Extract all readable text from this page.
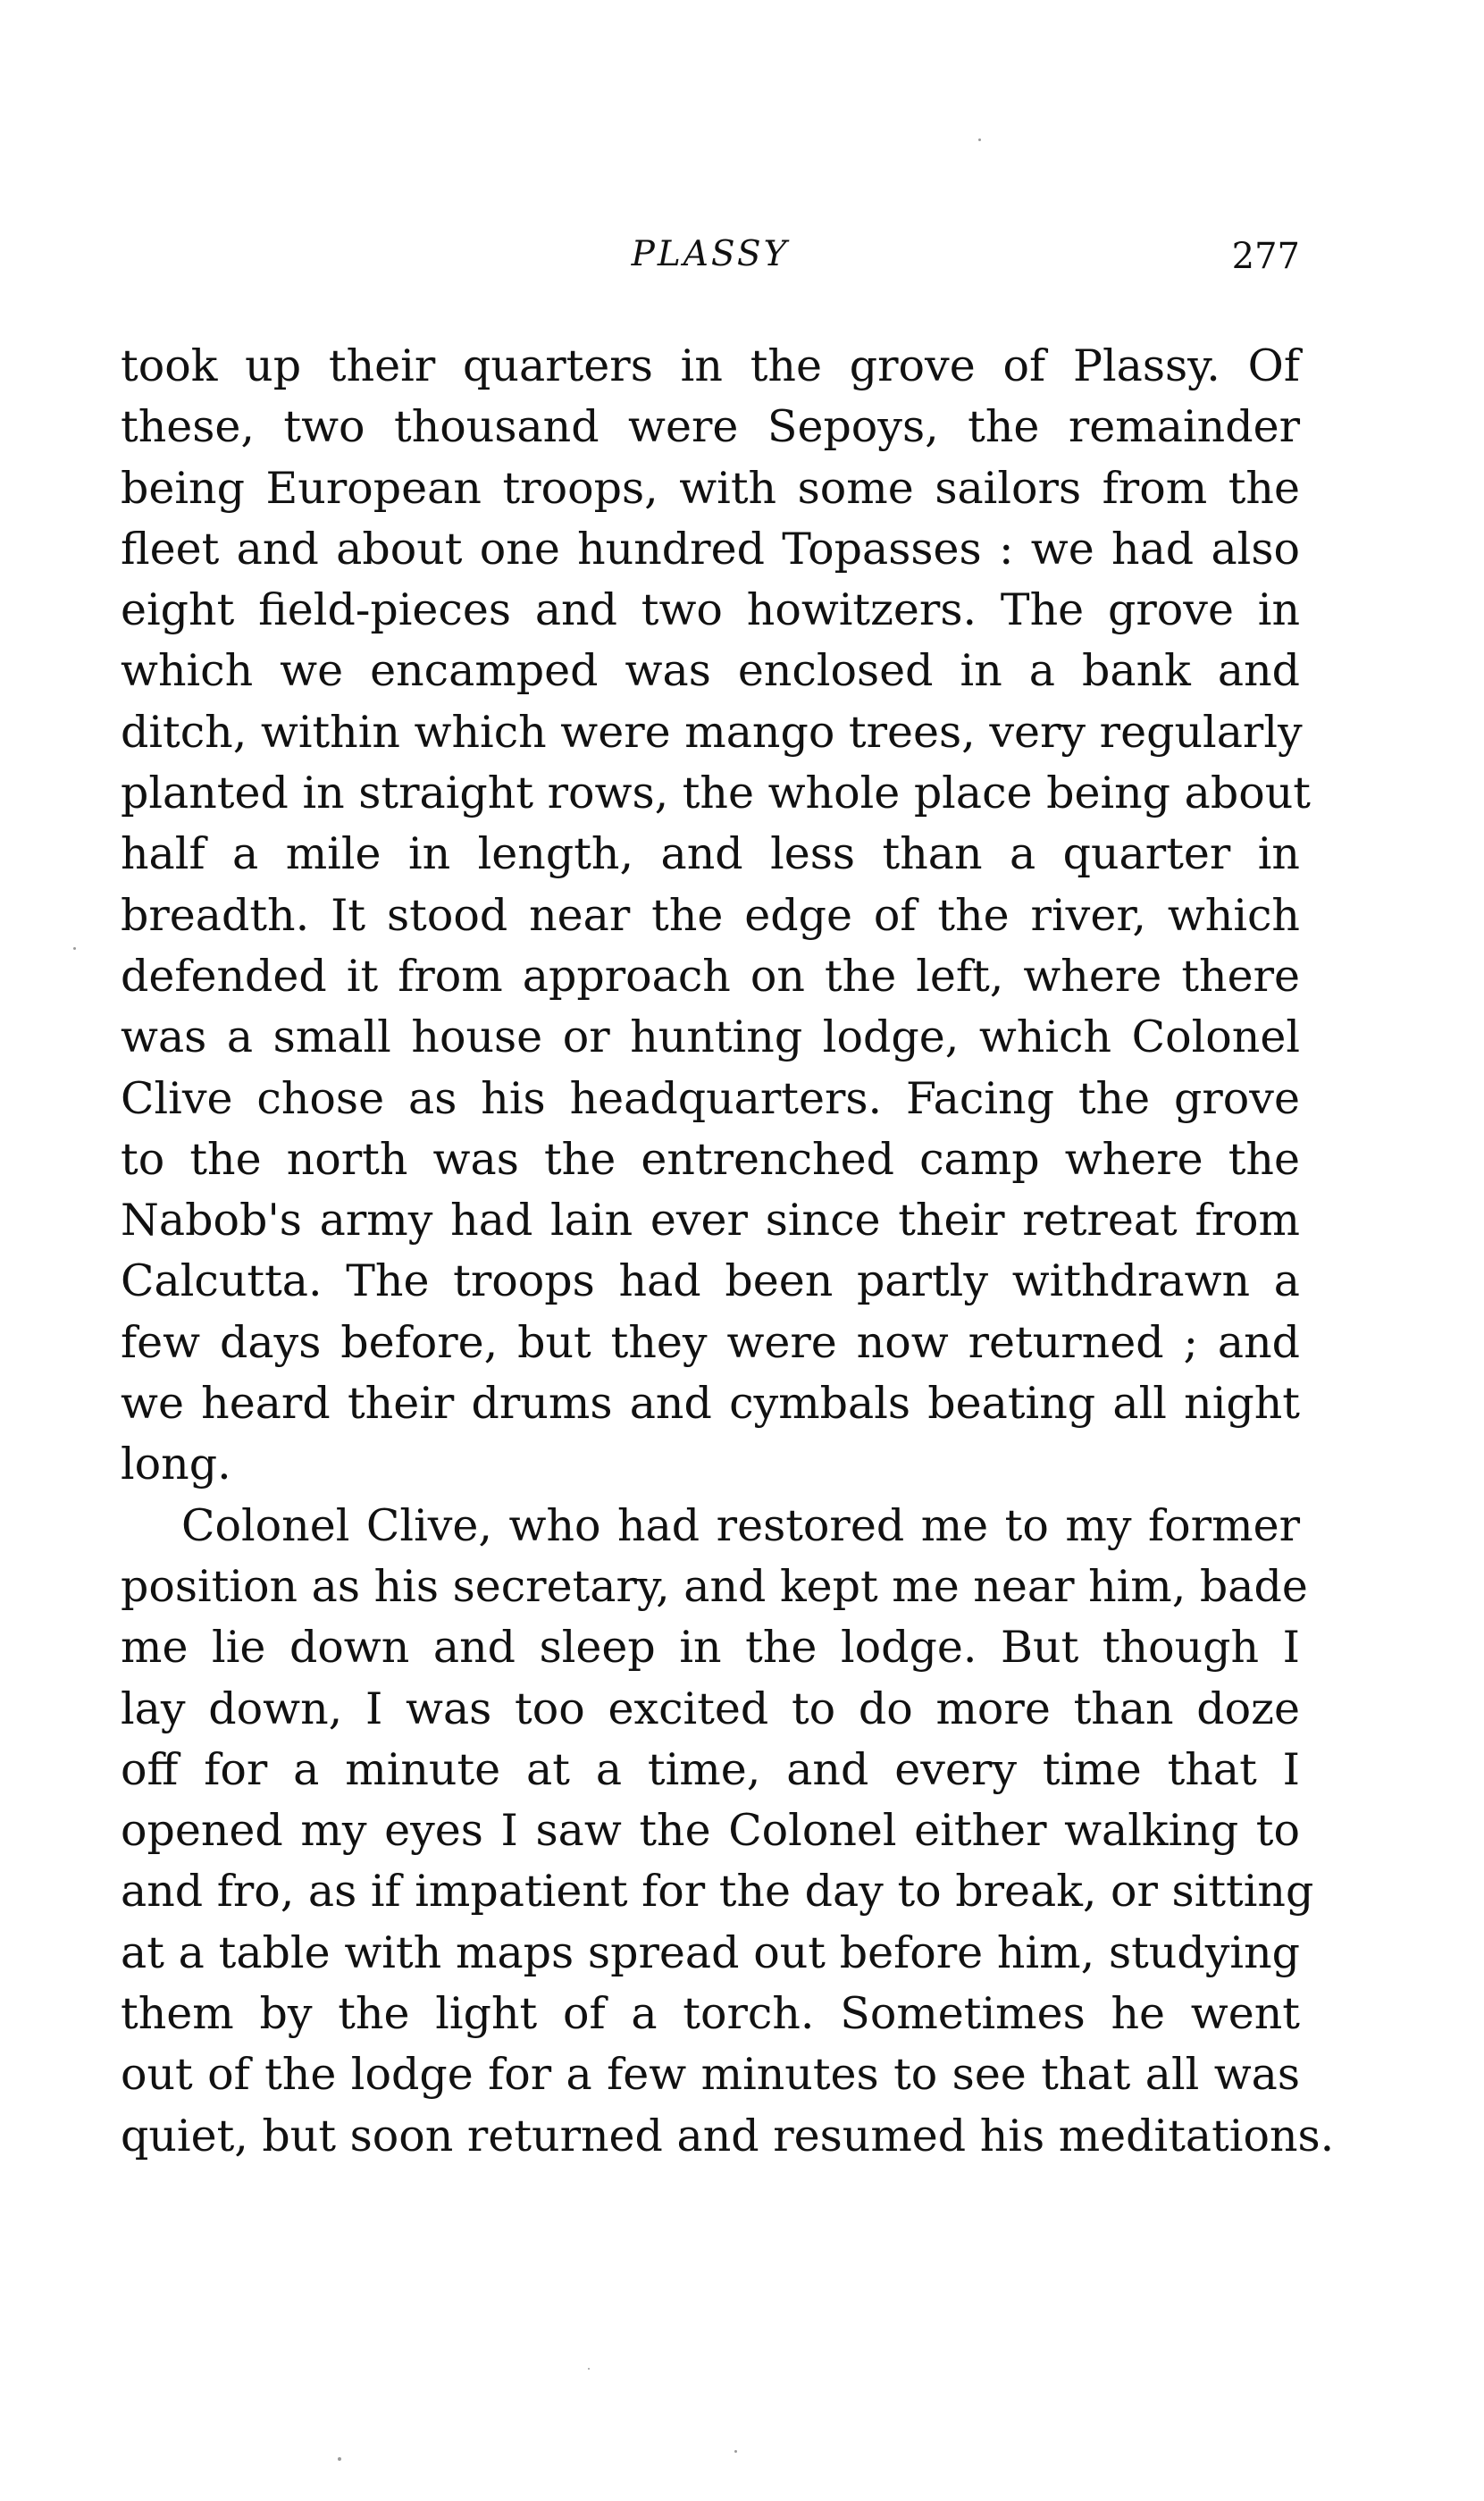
PLASSY	277
took up their quarters in the grove of Plassy. Of
these, two thousand were Sepoys, the remainder
being European troops, with some sailors from the
fleet and about one hundred Topasses : we had also
eight field-pieces and two howitzers. The grove in
which we encamped was enclosed in a bank and
ditch, within which were mango trees, very regularly
planted in straight rows, the whole place being about
half a mile in length, and less than a quarter in
breadth. It stood near the edge of the river, which
defended it from approach on the left, where there
was a small house or hunting lodge, which Colonel
Clive chose as his headquarters. Facing the grove
to the north was the entrenched camp where the
Nabob's army had lain ever since their retreat from
Calcutta. The troops had been partly withdrawn a
few days before, but they were now returned ; and
we heard their drums and cymbals beating all night
long.
Colonel Clive, who had restored me to my former
position as his secretary, and kept me near him, bade
me lie down and sleep in the lodge. But though I
lay down, I was too excited to do more than doze
off for a minute at a time, and every time that I
opened my eyes I saw the Colonel either walking to
and fro, as if impatient for the day to break, or sitting
at a table with maps spread out before him, studying
them by the light of a torch. Sometimes he went
out of the lodge for a few minutes to see that all was
quiet, but soon returned and resumed his meditations.
